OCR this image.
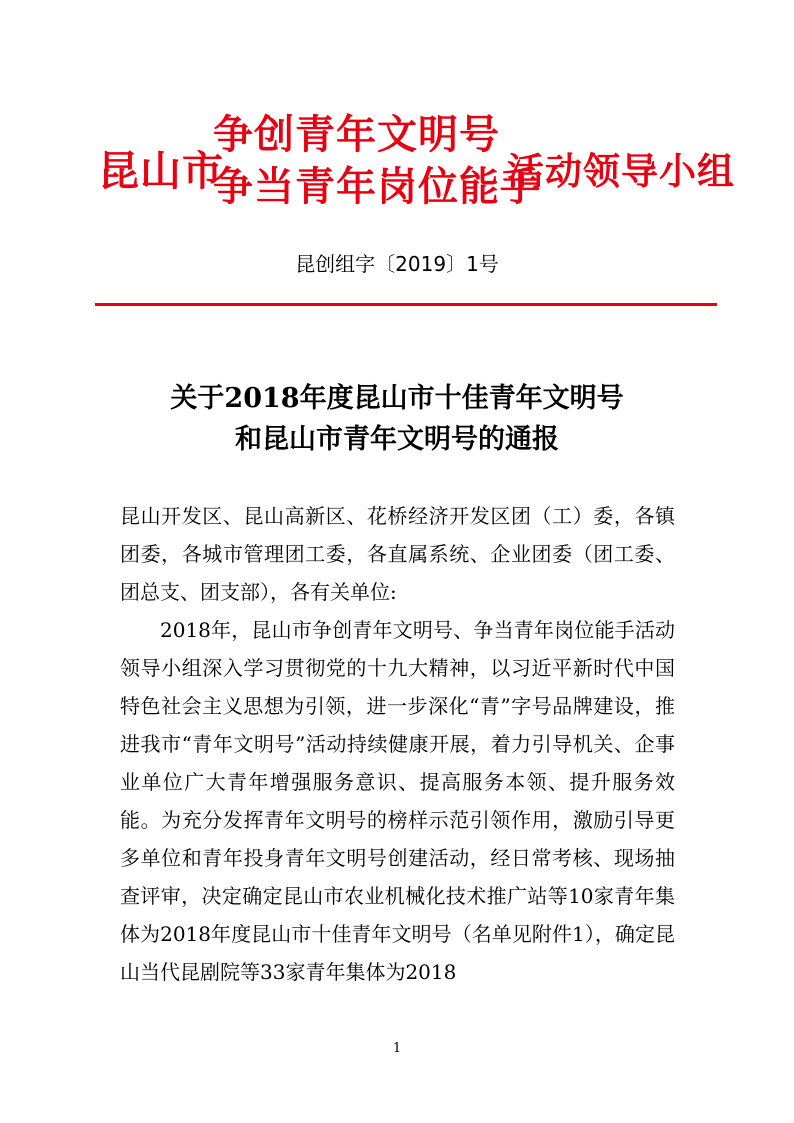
昆山市
争创青年文明号
争当青年岗位能手
活动领导小组
昆创组字〔2019〕1号
关于2018年度昆山市十佳青年文明号
和昆山市青年文明号的通报

昆山开发区、昆山高新区、花桥经济开发区团（工）委，各镇团委，各城市管理团工委，各直属系统、企业团委（团工委、团总支、团支部），各有关单位:

2018年，昆山市争创青年文明号、争当青年岗位能手活动领导小组深入学习贯彻党的十九大精神，以习近平新时代中国特色社会主义思想为引领，进一步深化“青”字号品牌建设，推进我市“青年文明号”活动持续健康开展，着力引导机关、企事业单位广大青年增强服务意识、提高服务本领、提升服务效能。为充分发挥青年文明号的榜样示范引领作用，激励引导更多单位和青年投身青年文明号创建活动，经日常考核、现场抽查评审，决定确定昆山市农业机械化技术推广站等10家青年集体为2018年度昆山市十佳青年文明号（名单见附件1），确定昆山当代昆剧院等33家青年集体为2018

1
